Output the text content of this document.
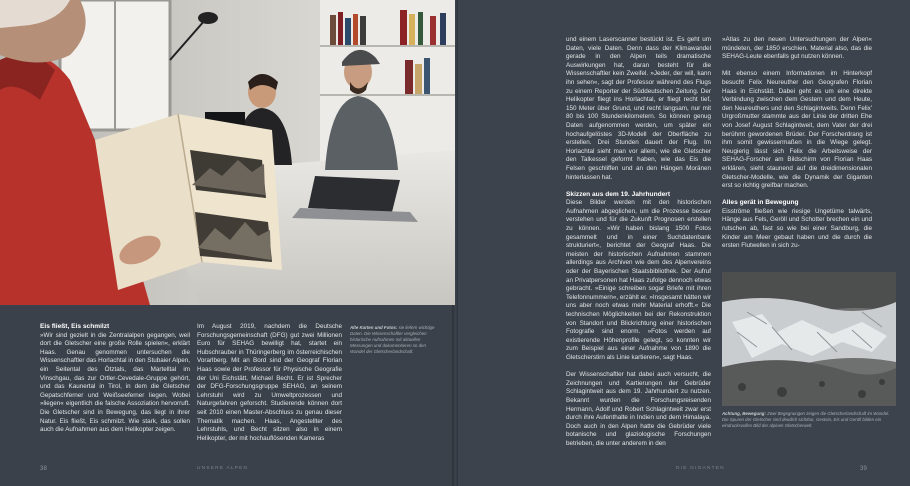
Eis fließt, Eis schmilzt

»Wir sind gezielt in die Zentralalpen gegangen, weil dort die Gletscher eine große Rolle spielen«, erklärt Haas. Genau genommen untersuchen die Wissenschaftler das Horlachtal in den Stubaier Alpen, ein Seitental des Ötztals, das Martelltal im Vinschgau, das zur Ortler-Cevedale-Gruppe gehört, und das Kaunertal in Tirol, in dem die Gletscher Gepatschferner und Weißseeferner liegen. Wobei »liegen« eigentlich die falsche Assoziation hervorruft. Die Gletscher sind in Bewegung, das liegt in ihrer Natur. Eis fließt, Eis schmilzt. Wie stark, das sollen auch die Aufnahmen aus dem Helikopter zeigen.

Im August 2019, nachdem die Deutsche Forschungsgemeinschaft (DFG) gut zwei Millionen Euro für SEHAG bewilligt hat, startet ein Hubschrauber in Thüringerberg im österreichischen Vorarlberg. Mit an Bord sind der Geograf Florian Haas sowie der Professor für Physische Geografie der Uni Eichstätt, Michael Becht. Er ist Sprecher der DFG-Forschungsgruppe SEHAG, an seinem Lehrstuhl wird zu Umweltprozessen und Naturgefahren geforscht. Studierende können dort seit 2010 einen Master-Abschluss zu genau dieser Thematik machen. Haas, Angestellter des Lehrstuhls, und Becht sitzen also in einem Helikopter, der mit hochauflösenden Kameras

Alte Karten und Fotos: sie liefern wichtige Daten. Die Wissenschaftler vergleichen historische Aufnahmen mit aktuellen Messungen und dokumentieren so den Wandel der Gletscherlandschaft.
38	UNSERE ALPEN

und einem Laserscanner bestückt ist. Es geht um Daten, viele Daten. Denn dass der Klimawandel gerade in den Alpen teils dramatische Auswirkungen hat, daran besteht für die Wissenschaftler kein Zweifel. »Jeder, der will, kann ihn sehen«, sagt der Professor während des Flugs zu einem Reporter der Süddeutschen Zeitung. Der Helikopter fliegt ins Horlachtal, er fliegt recht tief, 150 Meter über Grund, und recht langsam, nur mit 80 bis 100 Stundenkilometern. So können genug Daten aufgenommen werden, um später ein hochaufgelöstes 3D-Modell der Oberfläche zu erstellen. Drei Stunden dauert der Flug. Im Horlachtal sieht man vor allem, wie die Gletscher den Talkessel geformt haben, wie das Eis die Felsen geschliffen und an den Hängen Moränen hinterlassen hat.

Skizzen aus dem 19. Jahrhundert

Diese Bilder werden mit den historischen Aufnahmen abgeglichen, um die Prozesse besser verstehen und für die Zukunft Prognosen erstellen zu können. »Wir haben bislang 1500 Fotos gesammelt und in einer Suchdatenbank strukturiert«, berichtet der Geograf Haas. Die meisten der historischen Aufnahmen stammen allerdings aus Archiven wie dem des Alpenvereins oder der Bayerischen Staatsbibliothek. Der Aufruf an Privatpersonen hat Haas zufolge dennoch etwas gebracht. »Einige schreiben sogar Briefe mit ihren Telefonnummern«, erzählt er. »Insgesamt hätten wir uns aber noch etwas mehr Material erhofft.« Die technischen Möglichkeiten bei der Rekonstruktion von Standort und Blickrichtung einer historischen Fotografie sind enorm. »Fotos werden auf existierende Höhenprofile gelegt, so konnten wir zum Beispiel aus einer Aufnahme von 1890 die Gletscherstirn als Linie kartieren«, sagt Haas.

Der Wissenschaftler hat dabei auch versucht, die Zeichnungen und Kartierungen der Gebrüder Schlagintweit aus dem 19. Jahrhundert zu nutzen. Bekannt wurden die Forschungsreisenden Hermann, Adolf und Robert Schlagintweit zwar erst durch ihre Aufenthalte in Indien und dem Himalaya. Doch auch in den Alpen hatte die Gebrüder viele botanische und glaziologische Forschungen betrieben, die unter anderem in den

»Atlas zu den neuen Untersuchungen der Alpen« mündeten, der 1850 erschien. Material also, das die SEHAG-Leute ebenfalls gut nutzen können.

Mit ebenso einem Informationen im Hinterkopf besucht Felix Neureuther den Geografen Florian Haas in Eichstätt. Dabei geht es um eine direkte Verbindung zwischen dem Gestern und dem Heute, den Neureuthers und den Schlagintweits. Denn Felix' Urgroßmutter stammte aus der Linie der dritten Ehe von Josef August Schlagintweit, dem Vater der drei berühmt gewordenen Brüder. Der Forscherdrang ist ihm somit gewissermaßen in die Wiege gelegt. Neugierig lässt sich Felix die Arbeitsweise der SEHAG-Forscher am Bildschirm von Florian Haas erklären, sieht staunend auf die dreidimensionalen Gletscher-Modelle, wie die Dynamik der Giganten erst so richtig greifbar machen.

Alles gerät in Bewegung

Eisströme fließen wie riesige Ungetüme talwärts, Hänge aus Fels, Geröll und Schotter brechen ein und rutschen ab, fast so wie bei einer Sandburg, die Kinder am Meer gebaut haben und die durch die ersten Flutwellen in sich zu-

Achtung, Bewegung: Zwei Begegnungen zeigen die Gletscherlandschaft im Wandel. Die Spuren der Gletscher sind deutlich sichtbar, Gestein, Eis und Geröll bilden ein eindrucksvolles Bild der alpinen Gletscherwelt.
DIE GIGANTEN	39
